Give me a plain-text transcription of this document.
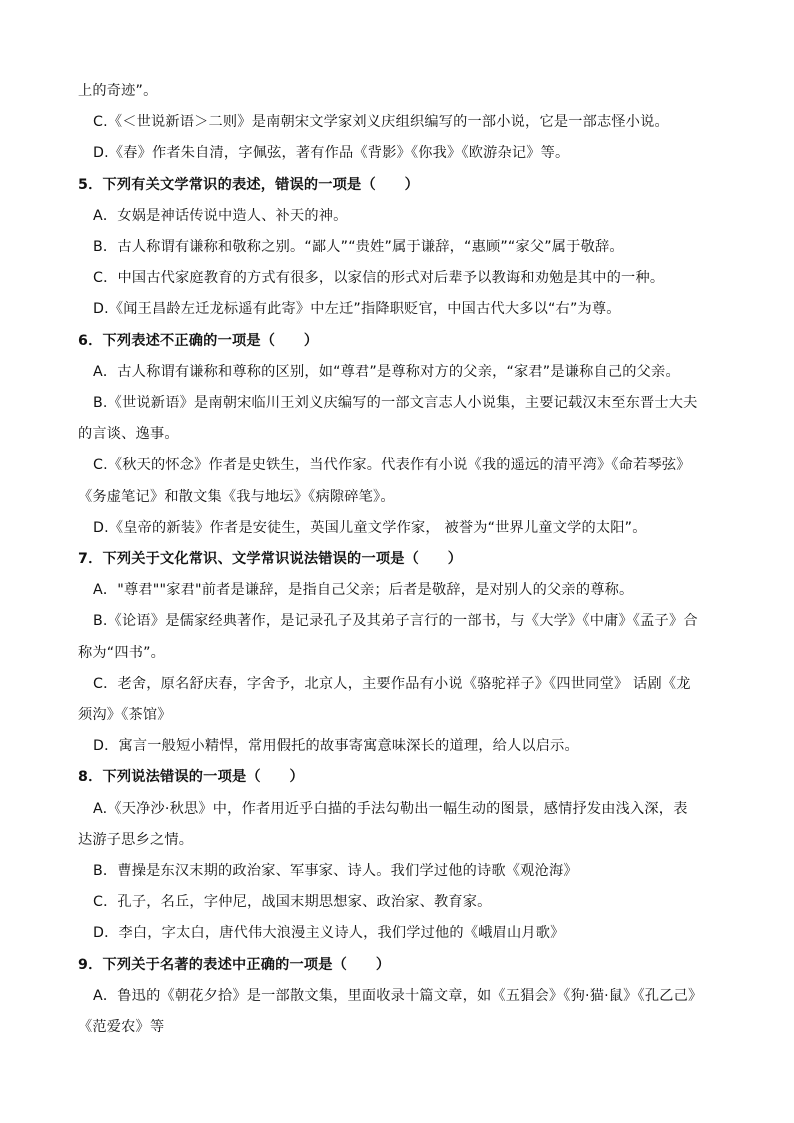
上的奇迹”。
C.《＜世说新语＞二则》是南朝宋文学家刘义庆组织编写的一部小说，它是一部志怪小说。
D.《春》作者朱自清，字佩弦，著有作品《背影》《你我》《欧游杂记》等。
5．下列有关文学常识的表述，错误的一项是（　　）
A．女娲是神话传说中造人、补天的神。
B．古人称谓有谦称和敬称之别。“鄙人”“贵姓”属于谦辞，“惠顾”“家父”属于敬辞。
C．中国古代家庭教育的方式有很多，以家信的形式对后辈予以教诲和劝勉是其中的一种。
D.《闻王昌龄左迁龙标遥有此寄》中左迁”指降职贬官，中国古代大多以“右”为尊。
6．下列表述不正确的一项是（　　）
A．古人称谓有谦称和尊称的区别，如“尊君”是尊称对方的父亲，“家君”是谦称自己的父亲。
B.《世说新语》是南朝宋临川王刘义庆编写的一部文言志人小说集，主要记载汉末至东晋士大夫
的言谈、逸事。
C.《秋天的怀念》作者是史铁生，当代作家。代表作有小说《我的遥远的清平湾》《命若琴弦》
《务虚笔记》和散文集《我与地坛》《病隙碎笔》。
D.《皇帝的新装》作者是安徒生，英国儿童文学作家， 被誉为“世界儿童文学的太阳”。
7．下列关于文化常识、文学常识说法错误的一项是（　　）
A．"尊君""家君"前者是谦辞，是指自己父亲；后者是敬辞，是对别人的父亲的尊称。
B.《论语》是儒家经典著作，是记录孔子及其弟子言行的一部书，与《大学》《中庸》《孟子》合
称为“四书”。
C．老舍，原名舒庆春，字舍予，北京人，主要作品有小说《骆驼祥子》《四世同堂》 话剧《龙
须沟》《茶馆》
D．寓言一般短小精悍，常用假托的故事寄寓意味深长的道理，给人以启示。
8．下列说法错误的一项是（　　）
A.《天净沙·秋思》中，作者用近乎白描的手法勾勒出一幅生动的图景，感情抒发由浅入深，表
达游子思乡之情。
B．曹操是东汉末期的政治家、军事家、诗人。我们学过他的诗歌《观沧海》
C．孔子，名丘，字仲尼，战国末期思想家、政治家、教育家。
D．李白，字太白，唐代伟大浪漫主义诗人，我们学过他的《峨眉山月歌》
9．下列关于名著的表述中正确的一项是（　　）
A．鲁迅的《朝花夕拾》是一部散文集，里面收录十篇文章，如《五猖会》《狗·猫·鼠》《孔乙己》
《范爱农》等
